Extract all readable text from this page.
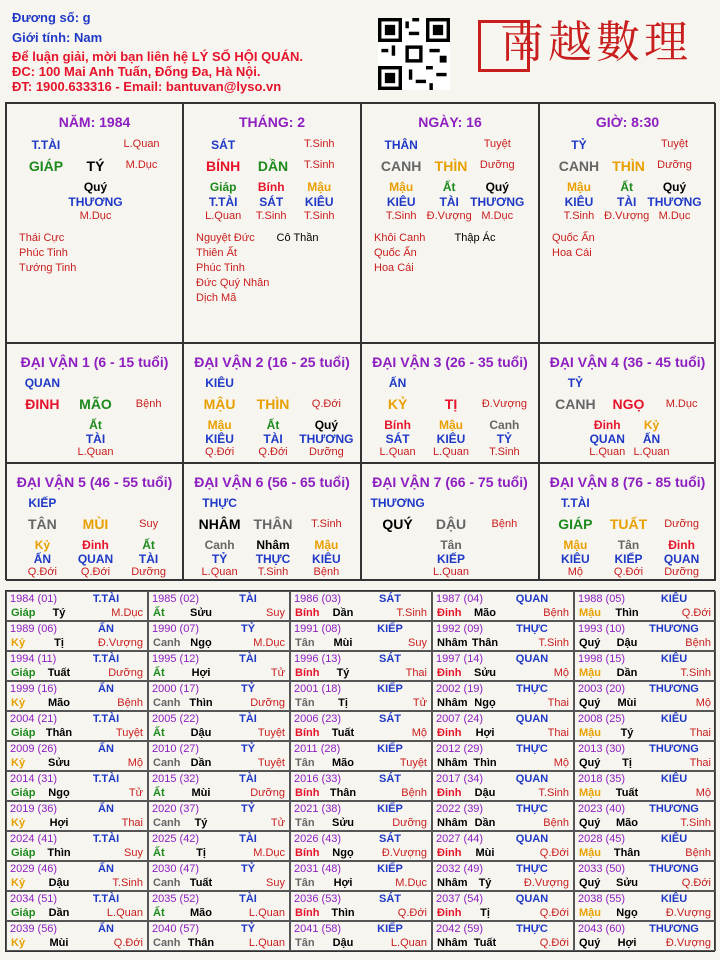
Đương số: g
Giới tính: Nam
Để luận giải, mời bạn liên hệ LÝ SỐ HỘI QUÁN.
ĐC: 100 Mai Anh Tuấn, Đống Đa, Hà Nội.
ĐT: 1900.633316 - Email: bantuvan@lyso.vn
南越數理
NĂM: 1984
T.TÀI	L.Quan
GIÁP TÝ M.Dục
Quý
THƯƠNG
M.Dục
Thái Cực
Phúc Tinh
Tướng Tinh
THÁNG: 2
SÁT	T.Sinh
BÍNH DẦN T.Sinh
Giáp
T.TÀI
L.Quan
Bính
SÁT
T.Sinh
Mậu
KIÊU
T.Sinh
Nguyệt Đức
Thiên Ất
Phúc Tinh
Đức Quý Nhân
Dịch Mã
Cô Thần
NGÀY: 16
THÂN	Tuyệt
CANH THÌN Dưỡng
Mậu
KIÊU
T.Sinh
Ất
TÀI
Đ.Vượng
Quý
THƯƠNG
M.Dục
Khôi Canh
Quốc Ấn
Hoa Cái
Thập Ác
GIỜ: 8:30
TỶ	Tuyệt
CANH THÌN Dưỡng
Mậu
KIÊU
T.Sinh
Ất
TÀI
Đ.Vượng
Quý
THƯƠNG
M.Dục
Quốc Ấn
Hoa Cái
ĐẠI VẬN 1 (6 - 15 tuổi)
QUAN
ĐINH MÃO Bệnh
Ất
TÀI
L.Quan
ĐẠI VẬN 2 (16 - 25 tuổi)
KIÊU
MẬU THÌN Q.Đới
Mậu
KIÊU
Q.Đới
Ất
TÀI
Q.Đới
Quý
THƯƠNG
Dưỡng
ĐẠI VẬN 3 (26 - 35 tuổi)
ẤN
KỶ	TỊ Đ.Vượng
Bính
SÁT
L.Quan
Mậu
KIÊU
L.Quan
Canh
TỶ
T.Sinh
ĐẠI VẬN 4 (36 - 45 tuổi)
TỶ
CANH NGỌ M.Dục
Đinh
QUAN
L.Quan
Kỷ
ẤN
L.Quan
ĐẠI VẬN 5 (46 - 55 tuổi)
KIẾP
TÂN MÙI	Suy
Kỷ
ẤN
Q.Đới
Đinh
QUAN
Q.Đới
Ất
TÀI
Dưỡng
ĐẠI VẬN 6 (56 - 65 tuổi)
THỰC
NHÂM THÂN T.Sinh
Canh
TỶ
L.Quan
Nhâm
THỰC
T.Sinh
Mậu
KIÊU
Bệnh
ĐẠI VẬN 7 (66 - 75 tuổi)
THƯƠNG
QUÝ DẬU Bệnh
Tân
KIẾP
L.Quan
ĐẠI VẬN 8 (76 - 85 tuổi)
T.TÀI
GIÁP TUẤT Dưỡng
Mậu
KIÊU
Mộ
Tân
KIẾP
Q.Đới
Đinh
QUAN
Dưỡng
1984 (01)	T.TÀI
Giáp Tý	M.Dục
1985 (02)	TÀI
Ất Sửu	Suy
1986 (03)	SÁT
Bính Dần	T.Sinh
1987 (04)	QUAN
Đinh Mão	Bệnh
1988 (05)	KIÊU
Mậu Thìn	Q.Đới
1989 (06)	ẤN
Kỷ	Tị	Đ.Vượng
1990 (07)	TỶ
Canh Ngọ	M.Dục
1991 (08)	KIẾP
Tân Mùi	Suy
1992 (09)	THỰC
Nhâm Thân	T.Sinh
1993 (10)	THƯƠNG
Quý Dậu	Bệnh
1994 (11)	T.TÀI
Giáp Tuất	Dưỡng
1995 (12)	TÀI
Ất Hợi	Tử
1996 (13)	SÁT
Bính Tý	Thai
1997 (14)	QUAN
Đinh Sửu	Mộ
1998 (15)	KIÊU
Mậu Dần	T.Sinh
1999 (16)	ẤN
Kỷ Mão	Bệnh
2000 (17)	TỶ
Canh Thìn	Dưỡng
2001 (18)	KIẾP
Tân Tị	Tử
2002 (19)	THỰC
Nhâm Ngọ	Thai
2003 (20)	THƯƠNG
Quý Mùi	Mộ
2004 (21)	T.TÀI
Giáp Thân	Tuyệt
2005 (22)	TÀI
Ất Dậu	Tuyệt
2006 (23)	SÁT
Bính Tuất	Mộ
2007 (24)	QUAN
Đinh Hợi	Thai
2008 (25)	KIÊU
Mậu Tý	Thai
2009 (26)	ẤN
Kỷ Sửu	Mộ
2010 (27)	TỶ
Canh Dần	Tuyệt
2011 (28)	KIẾP
Tân Mão	Tuyệt
2012 (29)	THỰC
Nhâm Thìn	Mộ
2013 (30)	THƯƠNG
Quý Tị	Thai
2014 (31)	T.TÀI
Giáp Ngọ	Tử
2015 (32)	TÀI
Ất Mùi	Dưỡng
2016 (33)	SÁT
Bính Thân	Bệnh
2017 (34)	QUAN
Đinh Dậu	T.Sinh
2018 (35)	KIÊU
Mậu Tuất	Mộ
2019 (36)	ẤN
Kỷ Hợi	Thai
2020 (37)	TỶ
Canh Tý	Tử
2021 (38)	KIẾP
Tân Sửu	Dưỡng
2022 (39)	THỰC
Nhâm Dần	Bệnh
2023 (40)	THƯƠNG
Quý Mão	T.Sinh
2024 (41)	T.TÀI
Giáp Thìn	Suy
2025 (42)	TÀI
Ất	Tị	M.Dục
2026 (43)	SÁT
Bính Ngọ	Đ.Vượng
2027 (44)	QUAN
Đinh Mùi	Q.Đới
2028 (45)	KIÊU
Mậu Thân	Bệnh
2029 (46)	ẤN
Kỷ Dậu	T.Sinh
2030 (47)	TỶ
Canh Tuất	Suy
2031 (48)	KIẾP
Tân Hợi	M.Dục
2032 (49)	THỰC
Nhâm Tý	Đ.Vượng
2033 (50)	THƯƠNG
Quý Sửu	Q.Đới
2034 (51)	T.TÀI
Giáp Dần	L.Quan
2035 (52)	TÀI
Ất Mão	L.Quan
2036 (53)	SÁT
Bính Thìn	Q.Đới
2037 (54)	QUAN
Đinh Tị	Q.Đới
2038 (55)	KIÊU
Mậu Ngọ	Đ.Vượng
2039 (56)	ẤN
Kỷ Mùi	Q.Đới
2040 (57)	TỶ
Canh Thân	L.Quan
2041 (58)	KIẾP
Tân Dậu	L.Quan
2042 (59)	THỰC
Nhâm Tuất	Q.Đới
2043 (60)	THƯƠNG
Quý Hợi	Đ.Vượng
